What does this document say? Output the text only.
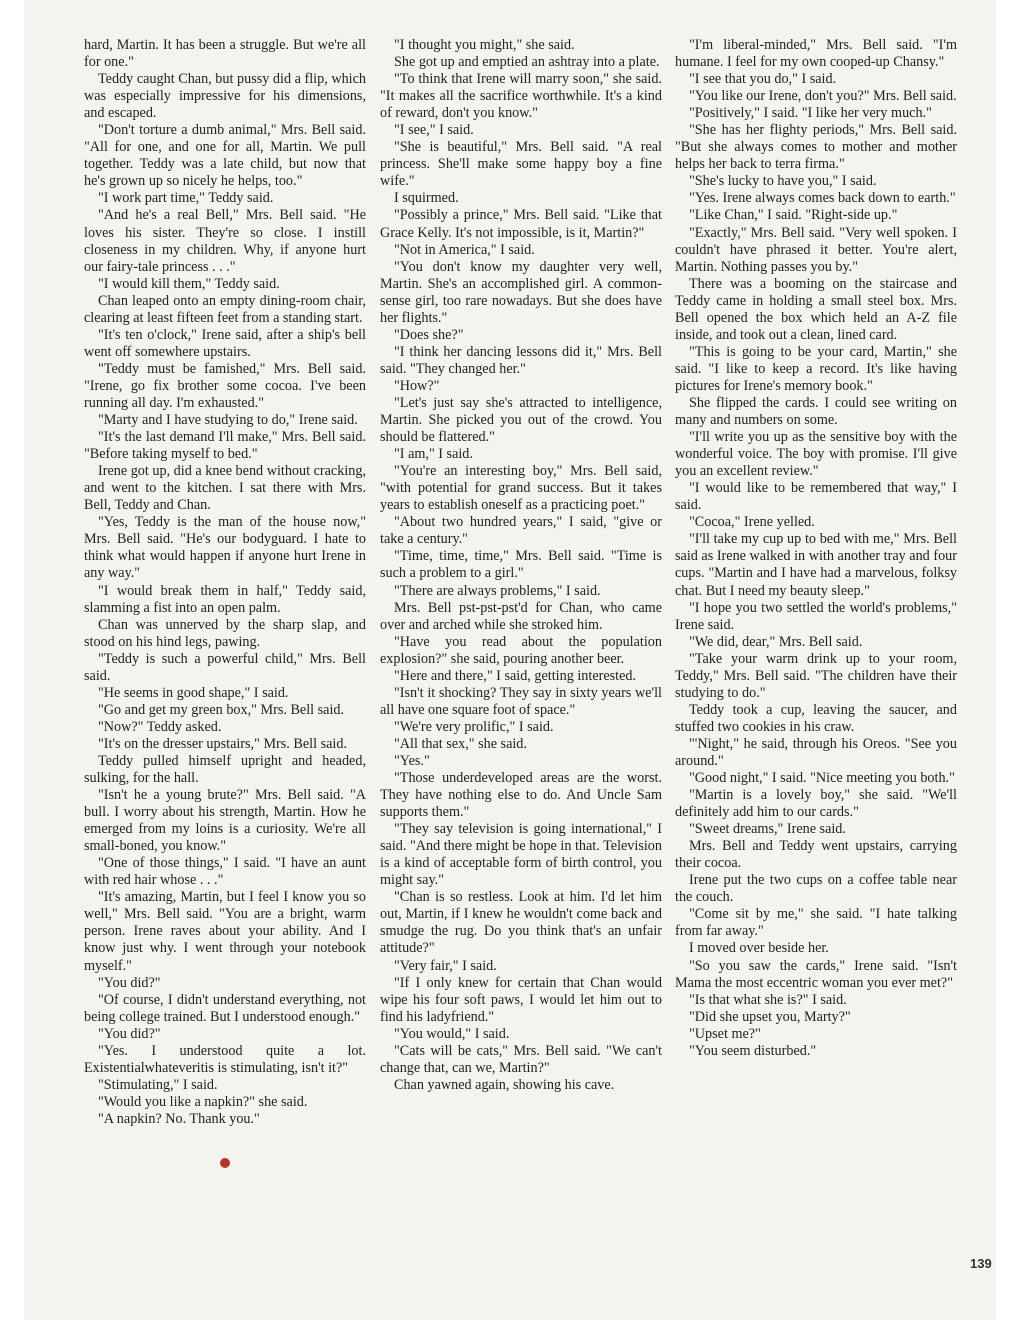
hard, Martin. It has been a struggle. But we're all for one."

Teddy caught Chan, but pussy did a flip, which was especially impressive for his dimensions, and escaped.

"Don't torture a dumb animal," Mrs. Bell said. "All for one, and one for all, Martin. We pull together. Teddy was a late child, but now that he's grown up so nicely he helps, too."

"I work part time," Teddy said.

"And he's a real Bell," Mrs. Bell said. "He loves his sister. They're so close. I instill closeness in my children. Why, if anyone hurt our fairy-tale princess . . ."

"I would kill them," Teddy said.

Chan leaped onto an empty dining-room chair, clearing at least fifteen feet from a standing start.

"It's ten o'clock," Irene said, after a ship's bell went off somewhere upstairs.

"Teddy must be famished," Mrs. Bell said. "Irene, go fix brother some cocoa. I've been running all day. I'm exhausted."

"Marty and I have studying to do," Irene said.

"It's the last demand I'll make," Mrs. Bell said. "Before taking myself to bed."

Irene got up, did a knee bend without cracking, and went to the kitchen. I sat there with Mrs. Bell, Teddy and Chan.

"Yes, Teddy is the man of the house now," Mrs. Bell said. "He's our bodyguard. I hate to think what would happen if anyone hurt Irene in any way."

"I would break them in half," Teddy said, slamming a fist into an open palm.

Chan was unnerved by the sharp slap, and stood on his hind legs, pawing.

"Teddy is such a powerful child," Mrs. Bell said.

"He seems in good shape," I said.

"Go and get my green box," Mrs. Bell said.

"Now?" Teddy asked.

"It's on the dresser upstairs," Mrs. Bell said.

Teddy pulled himself upright and headed, sulking, for the hall.

"Isn't he a young brute?" Mrs. Bell said. "A bull. I worry about his strength, Martin. How he emerged from my loins is a curiosity. We're all small-boned, you know."

"One of those things," I said. "I have an aunt with red hair whose . . ."

"It's amazing, Martin, but I feel I know you so well," Mrs. Bell said. "You are a bright, warm person. Irene raves about your ability. And I know just why. I went through your notebook myself."

"You did?"

"Of course, I didn't understand everything, not being college trained. But I understood enough."

"You did?"

"Yes. I understood quite a lot. Existentialwhateveritis is stimulating, isn't it?"

"Stimulating," I said.

"Would you like a napkin?" she said.

"A napkin? No. Thank you."

"I thought you might," she said.

She got up and emptied an ashtray into a plate.

"To think that Irene will marry soon," she said. "It makes all the sacrifice worthwhile. It's a kind of reward, don't you know."

"I see," I said.

"She is beautiful," Mrs. Bell said. "A real princess. She'll make some happy boy a fine wife."

I squirmed.

"Possibly a prince," Mrs. Bell said. "Like that Grace Kelly. It's not impossible, is it, Martin?"

"Not in America," I said.

"You don't know my daughter very well, Martin. She's an accomplished girl. A common-sense girl, too rare nowadays. But she does have her flights."

"Does she?"

"I think her dancing lessons did it," Mrs. Bell said. "They changed her."

"How?"

"Let's just say she's attracted to intelligence, Martin. She picked you out of the crowd. You should be flattered."

"I am," I said.

"You're an interesting boy," Mrs. Bell said, "with potential for grand success. But it takes years to establish oneself as a practicing poet."

"About two hundred years," I said, "give or take a century."

"Time, time, time," Mrs. Bell said. "Time is such a problem to a girl."

"There are always problems," I said.

Mrs. Bell pst-pst-pst'd for Chan, who came over and arched while she stroked him.

"Have you read about the population explosion?" she said, pouring another beer.

"Here and there," I said, getting interested.

"Isn't it shocking? They say in sixty years we'll all have one square foot of space."

"We're very prolific," I said.

"All that sex," she said.

"Yes."

"Those underdeveloped areas are the worst. They have nothing else to do. And Uncle Sam supports them."

"They say television is going international," I said. "And there might be hope in that. Television is a kind of acceptable form of birth control, you might say."

"Chan is so restless. Look at him. I'd let him out, Martin, if I knew he wouldn't come back and smudge the rug. Do you think that's an unfair attitude?"

"Very fair," I said.

"If I only knew for certain that Chan would wipe his four soft paws, I would let him out to find his ladyfriend."

"You would," I said.

"Cats will be cats," Mrs. Bell said. "We can't change that, can we, Martin?"

Chan yawned again, showing his cave.

"I'm liberal-minded," Mrs. Bell said. "I'm humane. I feel for my own cooped-up Chansy."

"I see that you do," I said.

"You like our Irene, don't you?" Mrs. Bell said.

"Positively," I said. "I like her very much."

"She has her flighty periods," Mrs. Bell said. "But she always comes to mother and mother helps her back to terra firma."

"She's lucky to have you," I said.

"Yes. Irene always comes back down to earth."

"Like Chan," I said. "Right-side up."

"Exactly," Mrs. Bell said. "Very well spoken. I couldn't have phrased it better. You're alert, Martin. Nothing passes you by."

There was a booming on the staircase and Teddy came in holding a small steel box. Mrs. Bell opened the box which held an A-Z file inside, and took out a clean, lined card.

"This is going to be your card, Martin," she said. "I like to keep a record. It's like having pictures for Irene's memory book."

She flipped the cards. I could see writing on many and numbers on some.

"I'll write you up as the sensitive boy with the wonderful voice. The boy with promise. I'll give you an excellent review."

"I would like to be remembered that way," I said.

"Cocoa," Irene yelled.

"I'll take my cup up to bed with me," Mrs. Bell said as Irene walked in with another tray and four cups. "Martin and I have had a marvelous, folksy chat. But I need my beauty sleep."

"I hope you two settled the world's problems," Irene said.

"We did, dear," Mrs. Bell said.

"Take your warm drink up to your room, Teddy," Mrs. Bell said. "The children have their studying to do."

Teddy took a cup, leaving the saucer, and stuffed two cookies in his craw.

"'Night," he said, through his Oreos. "See you around."

"Good night," I said. "Nice meeting you both."

"Martin is a lovely boy," she said. "We'll definitely add him to our cards."

"Sweet dreams," Irene said.

Mrs. Bell and Teddy went upstairs, carrying their cocoa.

Irene put the two cups on a coffee table near the couch.

"Come sit by me," she said. "I hate talking from far away."

I moved over beside her.

"So you saw the cards," Irene said. "Isn't Mama the most eccentric woman you ever met?"

"Is that what she is?" I said.

"Did she upset you, Marty?"

"Upset me?"

"You seem disturbed."

139
